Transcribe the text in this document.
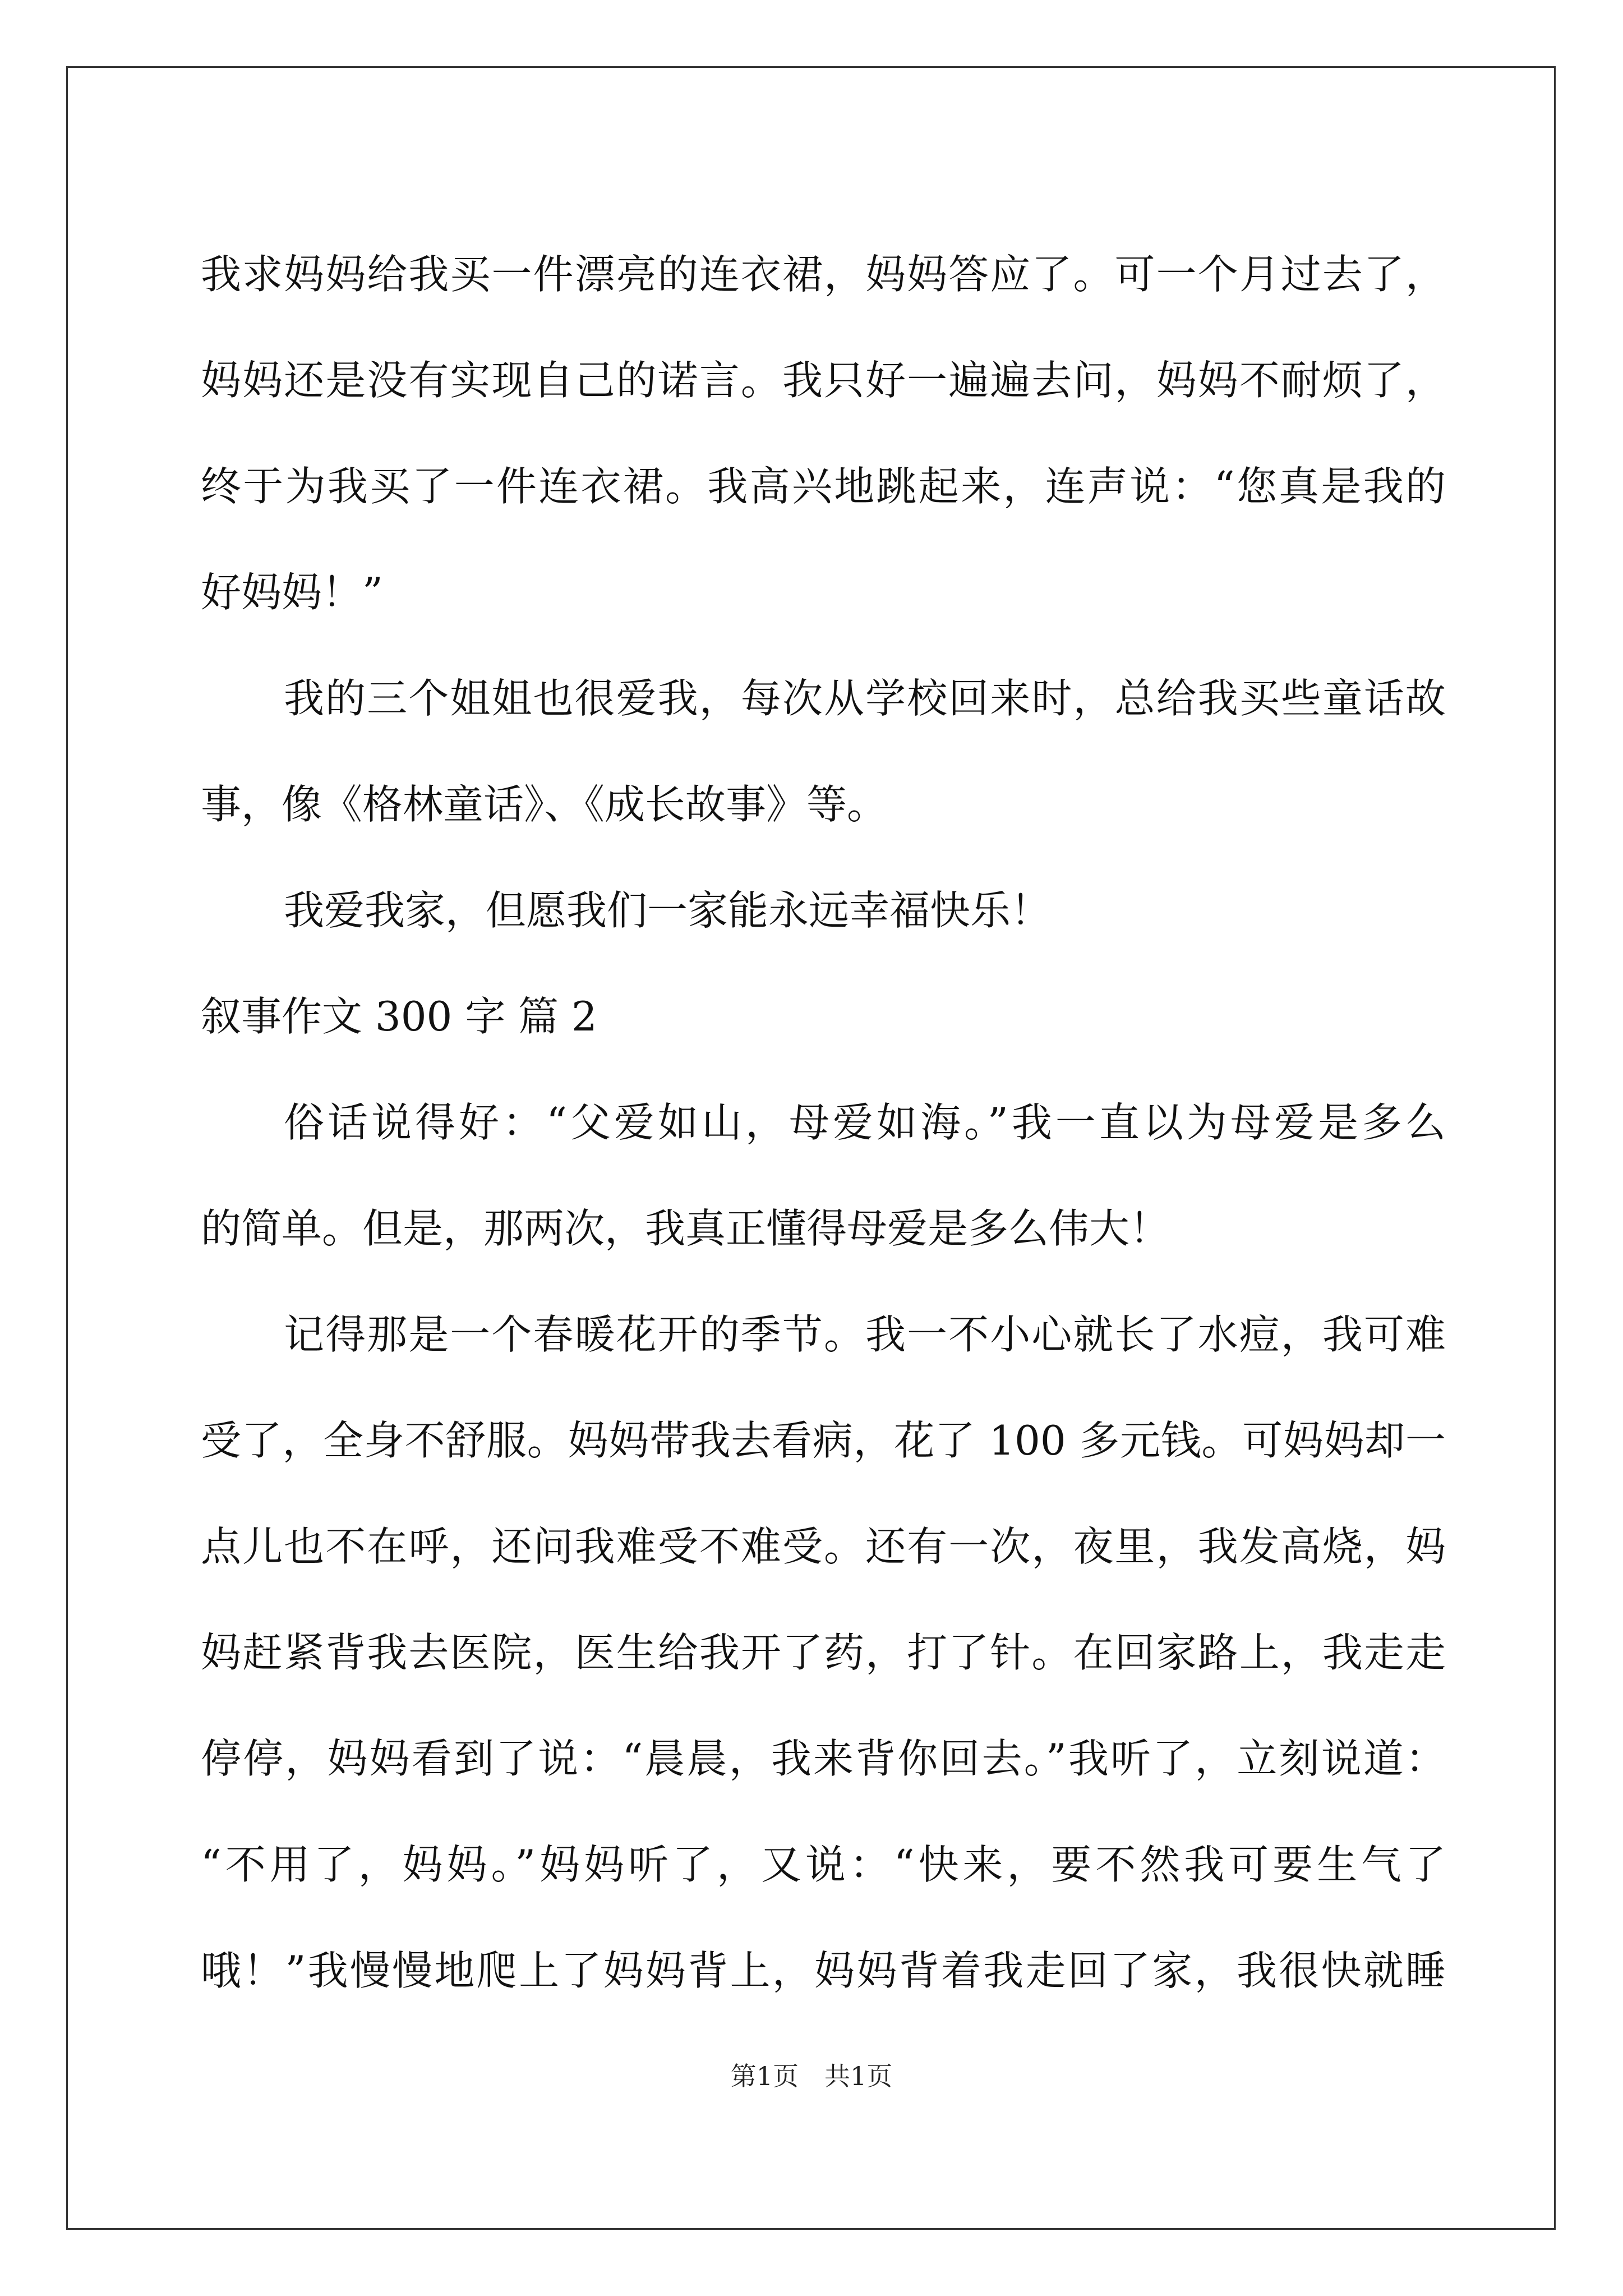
我求妈妈给我买一件漂亮的连衣裙，妈妈答应了。可一个月过去了，
妈妈还是没有实现自己的诺言。我只好一遍遍去问，妈妈不耐烦了，
终于为我买了一件连衣裙。我高兴地跳起来，连声说：“您真是我的
好妈妈！”
我的三个姐姐也很爱我，每次从学校回来时，总给我买些童话故
事，像《格林童话》、《成长故事》等。
我爱我家，但愿我们一家能永远幸福快乐！
叙事作文 300 字 篇 2
俗话说得好：“父爱如山，母爱如海。”我一直以为母爱是多么
的简单。但是，那两次，我真正懂得母爱是多么伟大！
记得那是一个春暖花开的季节。我一不小心就长了水痘，我可难
受了，全身不舒服。妈妈带我去看病，花了 100 多元钱。可妈妈却一
点儿也不在呼，还问我难受不难受。还有一次，夜里，我发高烧，妈
妈赶紧背我去医院，医生给我开了药，打了针。在回家路上，我走走
停停，妈妈看到了说：“晨晨，我来背你回去。”我听了，立刻说道：
“不用了，妈妈。”妈妈听了，又说：“快来，要不然我可要生气了
哦！”我慢慢地爬上了妈妈背上，妈妈背着我走回了家，我很快就睡
第1页 共1页
